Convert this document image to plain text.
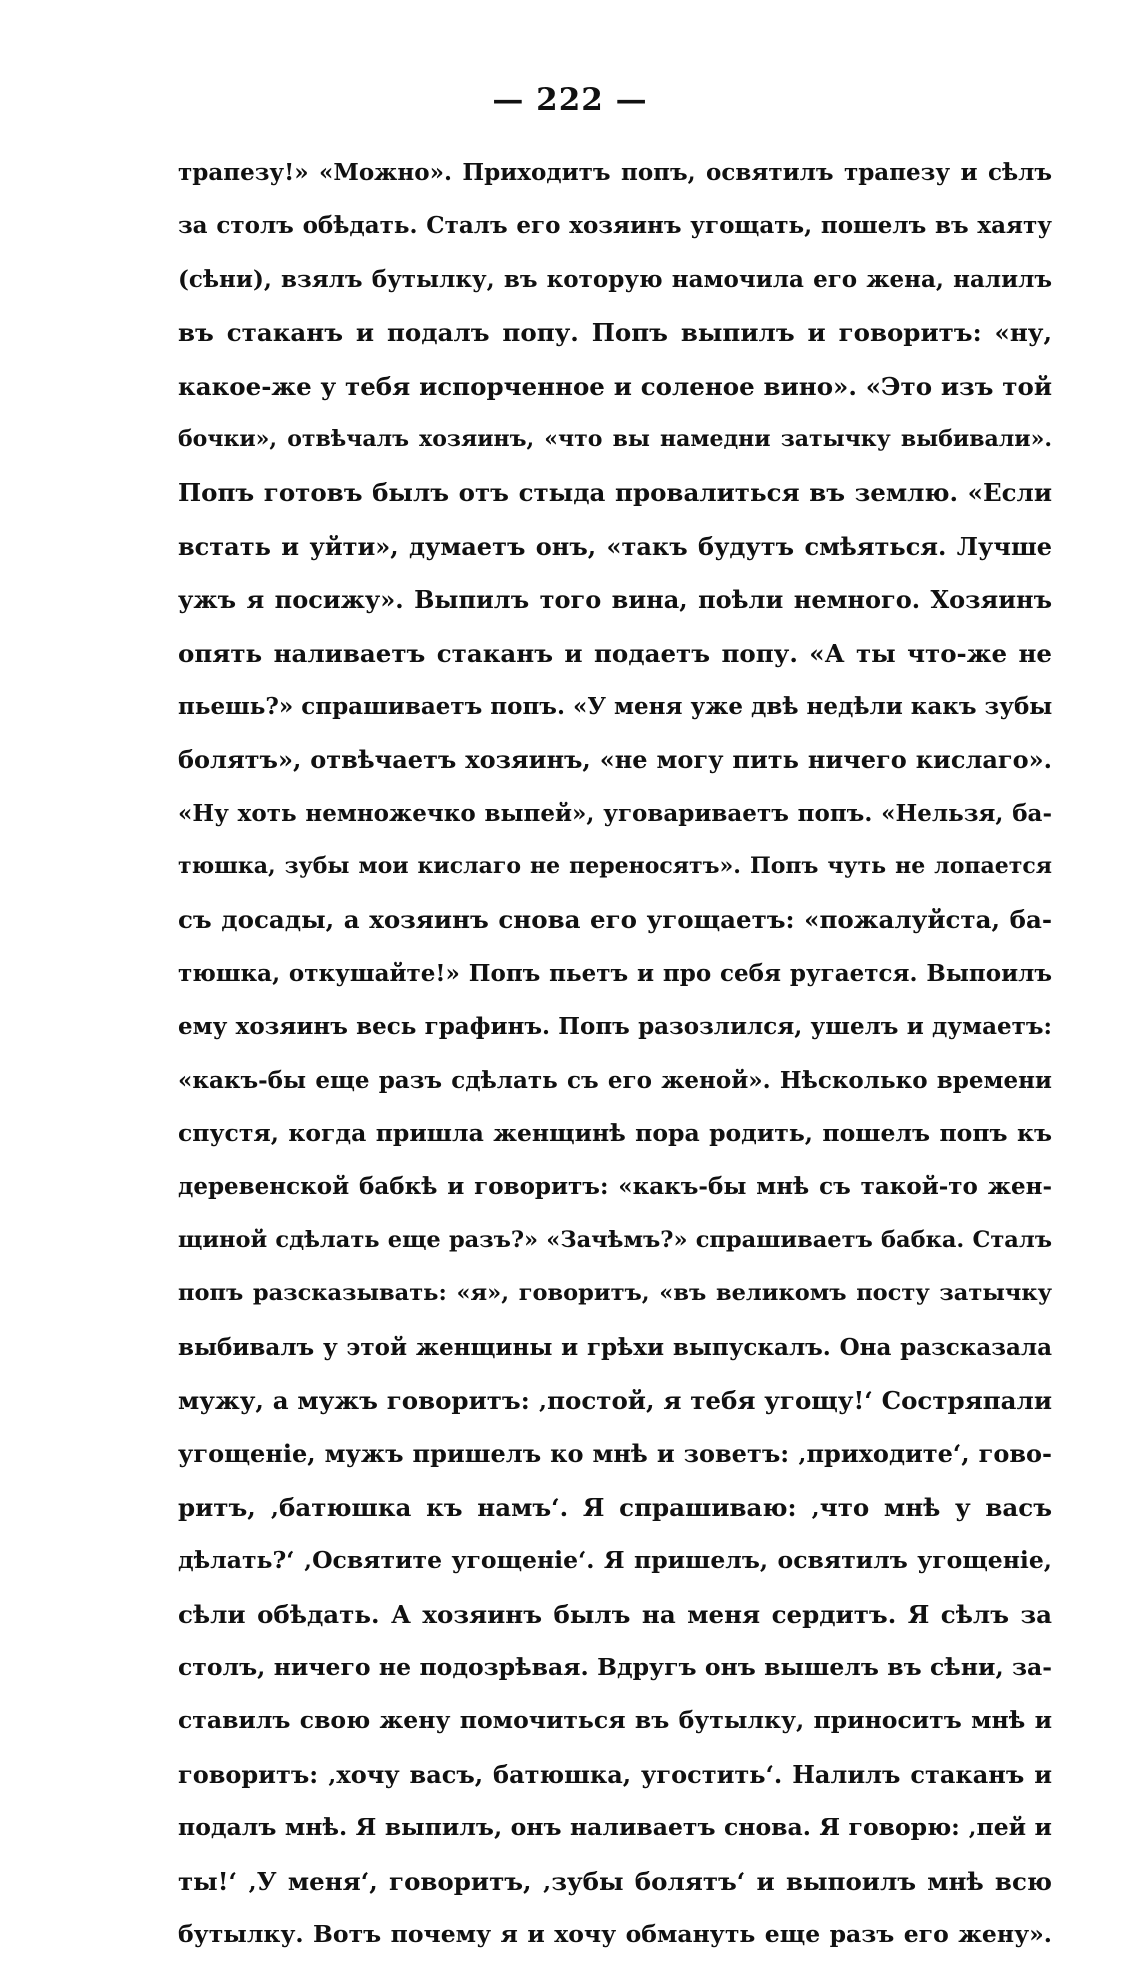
— 222 —
трапезу!» «Можно». Приходитъ попъ, освятилъ трапезу и сѣлъ
за столъ обѣдать. Сталъ его хозяинъ угощать, пошелъ въ хаяту
(сѣни), взялъ бутылку, въ которую намочила его жена, налилъ
въ стаканъ и подалъ попу. Попъ выпилъ и говоритъ: «ну,
какое-же у тебя испорченное и соленое вино». «Это изъ той
бочки», отвѣчалъ хозяинъ, «что вы намедни затычку выбивали».
Попъ готовъ былъ отъ стыда провалиться въ землю. «Если
встать и уйти», думаетъ онъ, «такъ будутъ смѣяться. Лучше
ужъ я посижу». Выпилъ того вина, поѣли немного. Хозяинъ
опять наливаетъ стаканъ и подаетъ попу. «А ты что-же не
пьешь?» спрашиваетъ попъ. «У меня уже двѣ недѣли какъ зубы
болятъ», отвѣчаетъ хозяинъ, «не могу пить ничего кислаго».
«Ну хоть немножечко выпей», уговариваетъ попъ. «Нельзя, ба-
тюшка, зубы мои кислаго не переносятъ». Попъ чуть не лопается
съ досады, а хозяинъ снова его угощаетъ: «пожалуйста, ба-
тюшка, откушайте!» Попъ пьетъ и про себя ругается. Выпоилъ
ему хозяинъ весь графинъ. Попъ разозлился, ушелъ и думаетъ:
«какъ-бы еще разъ сдѣлать съ его женой». Нѣсколько времени
спустя, когда пришла женщинѣ пора родить, пошелъ попъ къ
деревенской бабкѣ и говоритъ: «какъ-бы мнѣ съ такой-то жен-
щиной сдѣлать еще разъ?» «Зачѣмъ?» спрашиваетъ бабка. Сталъ
попъ разсказывать: «я», говоритъ, «въ великомъ посту затычку
выбивалъ у этой женщины и грѣхи выпускалъ. Она разсказала
мужу, а мужъ говоритъ: ‚постой, я тебя угощу!‘ Состряпали
угощеніе, мужъ пришелъ ко мнѣ и зоветъ: ‚приходите‘, гово-
ритъ, ‚батюшка къ намъ‘. Я спрашиваю: ‚что мнѣ у васъ
дѣлать?‘ ‚Освятите угощеніе‘. Я пришелъ, освятилъ угощеніе,
сѣли обѣдать. А хозяинъ былъ на меня сердитъ. Я сѣлъ за
столъ, ничего не подозрѣвая. Вдругъ онъ вышелъ въ сѣни, за-
ставилъ свою жену помочиться въ бутылку, приноситъ мнѣ и
говоритъ: ‚хочу васъ, батюшка, угостить‘. Налилъ стаканъ и
подалъ мнѣ. Я выпилъ, онъ наливаетъ снова. Я говорю: ‚пей и
ты!‘ ‚У меня‘, говоритъ, ‚зубы болятъ‘ и выпоилъ мнѣ всю
бутылку. Вотъ почему я и хочу обмануть еще разъ его жену».
